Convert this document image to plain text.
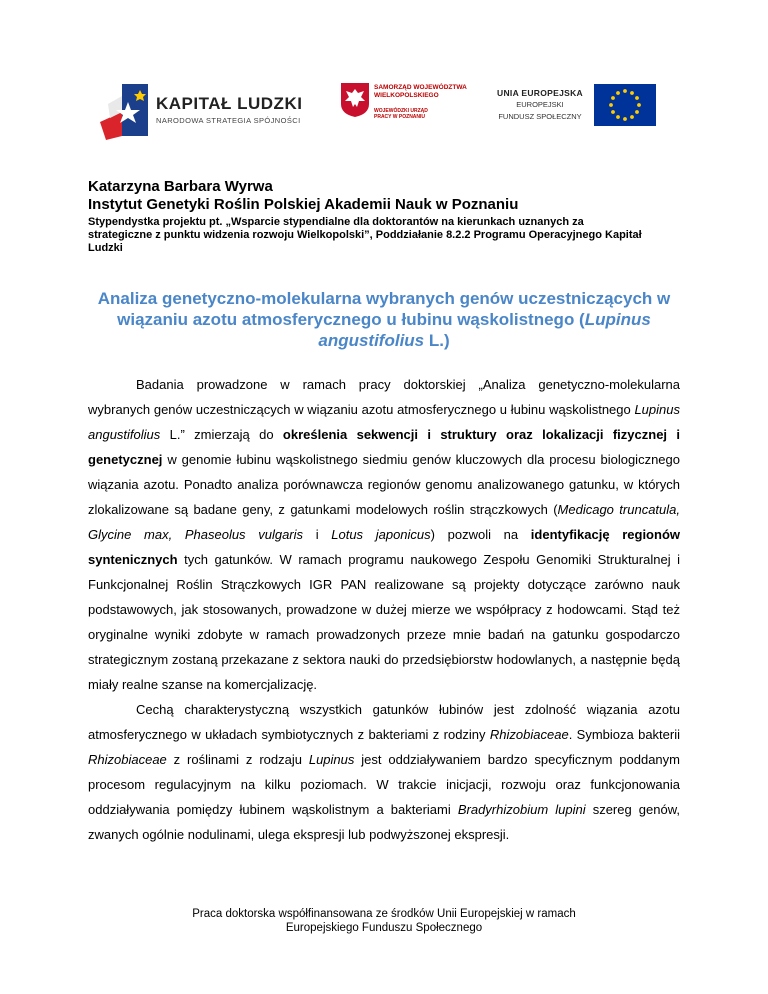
KAPITAŁ LUDZKI
NARODOWA STRATEGIA SPÓJNOŚCI
SAMORZĄD WOJEWÓDZTWA
WIELKOPOLSKIEGO
WOJEWÓDZKI URZĄD PRACY W POZNANIU
UNIA EUROPEJSKA
EUROPEJSKI
FUNDUSZ SPOŁECZNY
Katarzyna Barbara Wyrwa
Instytut Genetyki Roślin Polskiej Akademii Nauk w Poznaniu
Stypendystka projektu pt. „Wsparcie stypendialne dla doktorantów na kierunkach uznanych za strategiczne z punktu widzenia rozwoju Wielkopolski”, Poddziałanie 8.2.2 Programu Operacyjnego Kapitał Ludzki
Analiza genetyczno-molekularna wybranych genów uczestniczących w wiązaniu azotu atmosferycznego u łubinu wąskolistnego (Lupinus angustifolius L.)

Badania prowadzone w ramach pracy doktorskiej „Analiza genetyczno-molekularna wybranych genów uczestniczących w wiązaniu azotu atmosferycznego u łubinu wąskolistnego Lupinus angustifolius L.” zmierzają do określenia sekwencji i struktury oraz lokalizacji fizycznej i genetycznej w genomie łubinu wąskolistnego siedmiu genów kluczowych dla procesu biologicznego wiązania azotu. Ponadto analiza porównawcza regionów genomu analizowanego gatunku, w których zlokalizowane są badane geny, z gatunkami modelowych roślin strączkowych (Medicago truncatula, Glycine max, Phaseolus vulgaris i Lotus japonicus) pozwoli na identyfikację regionów syntenicznych tych gatunków. W ramach programu naukowego Zespołu Genomiki Strukturalnej i Funkcjonalnej Roślin Strączkowych IGR PAN realizowane są projekty dotyczące zarówno nauk podstawowych, jak stosowanych, prowadzone w dużej mierze we współpracy z hodowcami. Stąd też oryginalne wyniki zdobyte w ramach prowadzonych przeze mnie badań na gatunku gospodarczo strategicznym zostaną przekazane z sektora nauki do przedsiębiorstw hodowlanych, a następnie będą miały realne szanse na komercjalizację.

Cechą charakterystyczną wszystkich gatunków łubinów jest zdolność wiązania azotu atmosferycznego w układach symbiotycznych z bakteriami z rodziny Rhizobiaceae. Symbioza bakterii Rhizobiaceae z roślinami z rodzaju Lupinus jest oddziaływaniem bardzo specyficznym poddanym procesom regulacyjnym na kilku poziomach. W trakcie inicjacji, rozwoju oraz funkcjonowania oddziaływania pomiędzy łubinem wąskolistnym a bakteriami Bradyrhizobium lupini szereg genów, zwanych ogólnie nodulinami, ulega ekspresji lub podwyższonej ekspresji.

Praca doktorska współfinansowana ze środków Unii Europejskiej w ramach
Europejskiego Funduszu Społecznego
